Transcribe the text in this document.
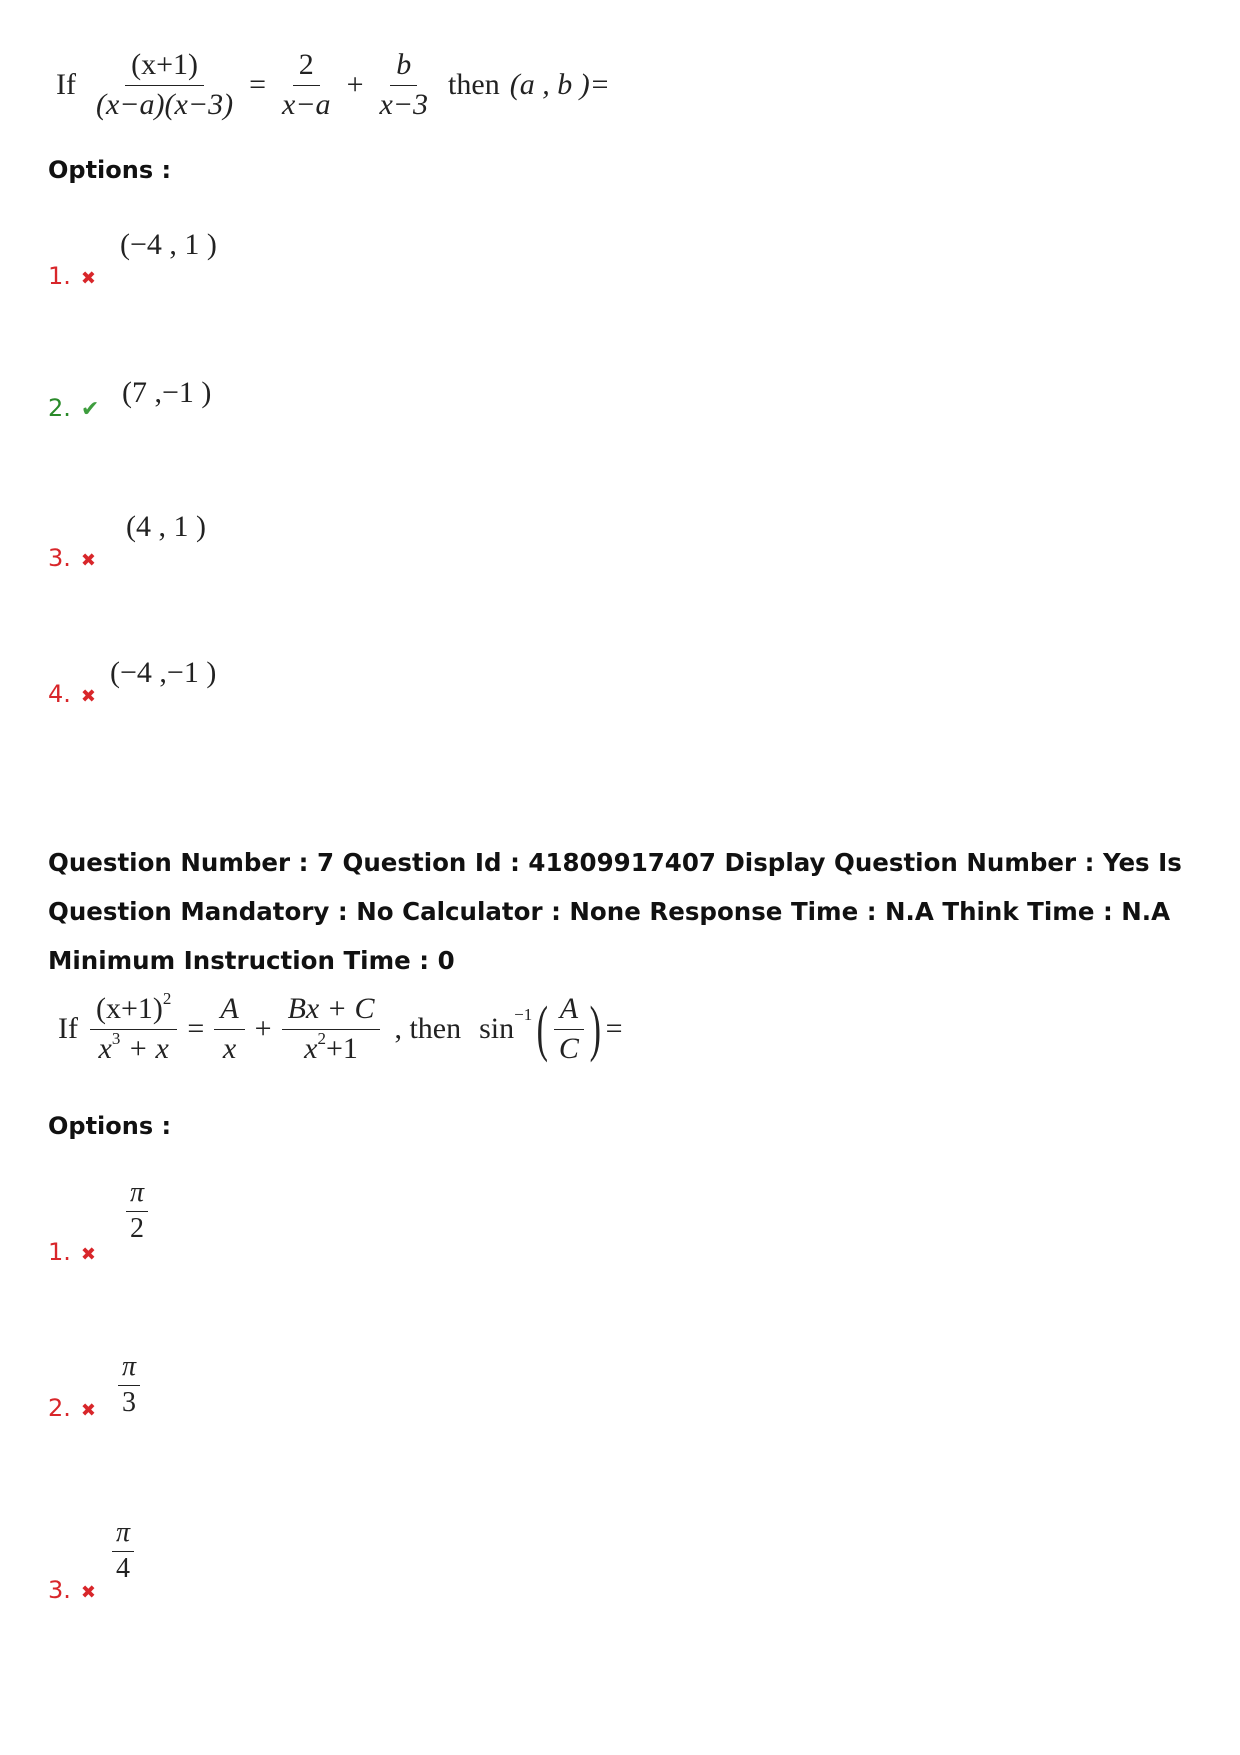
If $\frac{(x+1)}{(x-a)(x-3)} = \frac{2}{x-a} + \frac{b}{x-3}$ then (a , b )=
Options :
(−4 , 1 )
1. ✖
(7 ,−1 )
2. ✔
(4 , 1 )
3. ✖
(−4 ,−1 )
4. ✖
Question Number : 7 Question Id : 41809917407 Display Question Number : Yes Is Question Mandatory : No Calculator : None Response Time : N.A Think Time : N.A Minimum Instruction Time : 0
If $\frac{(x+1)^2}{x^3 + x} = \frac{A}{x} + \frac{Bx + C}{x^2+1}$ , then sin −1 ( $\frac{A}{C}$ ) =
Options :
$\frac{\pi}{2}$
1. ✖
$\frac{\pi}{3}$
2. ✖
$\frac{\pi}{4}$
3. ✖
